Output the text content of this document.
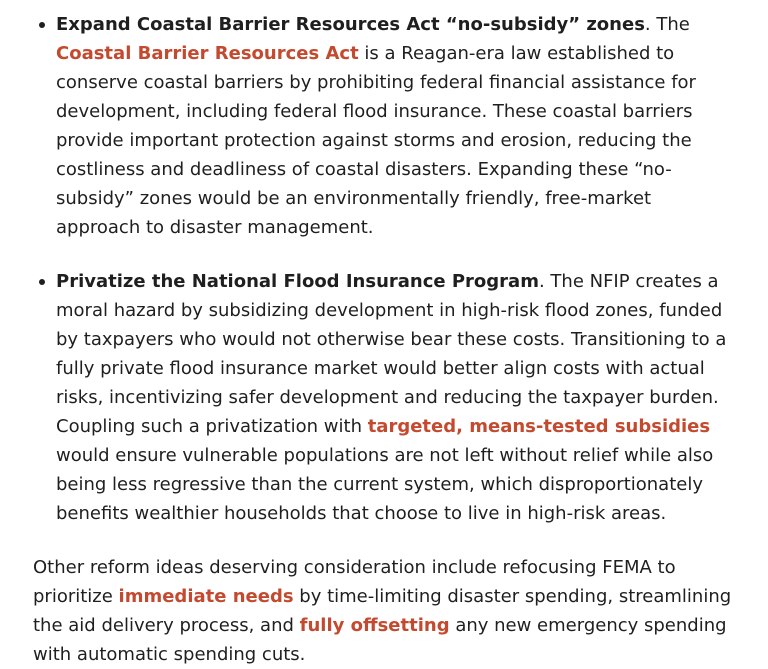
Expand Coastal Barrier Resources Act “no-subsidy” zones. The Coastal Barrier Resources Act is a Reagan-era law established to conserve coastal barriers by prohibiting federal financial assistance for development, including federal flood insurance. These coastal barriers provide important protection against storms and erosion, reducing the costliness and deadliness of coastal disasters. Expanding these “no-subsidy” zones would be an environmentally friendly, free-market approach to disaster management.
Privatize the National Flood Insurance Program. The NFIP creates a moral hazard by subsidizing development in high-risk flood zones, funded by taxpayers who would not otherwise bear these costs. Transitioning to a fully private flood insurance market would better align costs with actual risks, incentivizing safer development and reducing the taxpayer burden. Coupling such a privatization with targeted, means-tested subsidies would ensure vulnerable populations are not left without relief while also being less regressive than the current system, which disproportionately benefits wealthier households that choose to live in high-risk areas.

Other reform ideas deserving consideration include refocusing FEMA to prioritize immediate needs by time-limiting disaster spending, streamlining the aid delivery process, and fully offsetting any new emergency spending with automatic spending cuts.
